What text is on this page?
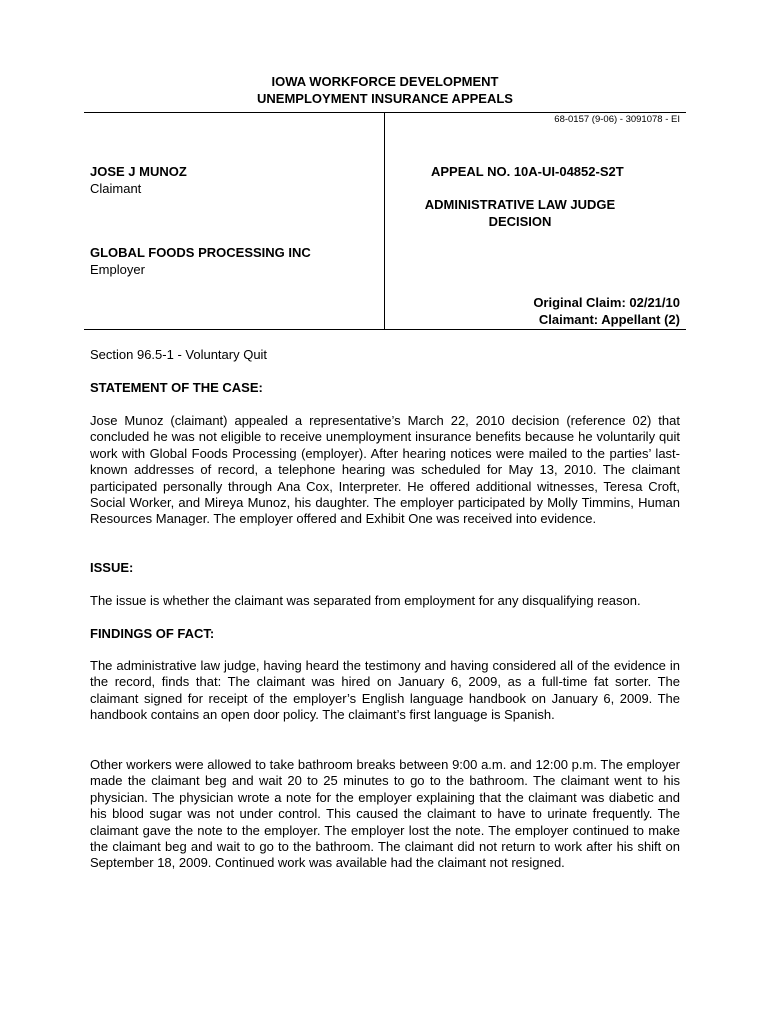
IOWA WORKFORCE DEVELOPMENT
UNEMPLOYMENT INSURANCE APPEALS
68-0157 (9-06) - 3091078 - EI
JOSE J MUNOZ
Claimant
GLOBAL FOODS PROCESSING INC
Employer
APPEAL NO. 10A-UI-04852-S2T
ADMINISTRATIVE LAW JUDGE
DECISION
Original Claim: 02/21/10
Claimant: Appellant (2)
Section 96.5-1 - Voluntary Quit
STATEMENT OF THE CASE:

Jose Munoz (claimant) appealed a representative’s March 22, 2010 decision (reference 02) that concluded he was not eligible to receive unemployment insurance benefits because he voluntarily quit work with Global Foods Processing (employer). After hearing notices were mailed to the parties’ last-known addresses of record, a telephone hearing was scheduled for May 13, 2010. The claimant participated personally through Ana Cox, Interpreter. He offered additional witnesses, Teresa Croft, Social Worker, and Mireya Munoz, his daughter. The employer participated by Molly Timmins, Human Resources Manager. The employer offered and Exhibit One was received into evidence.

ISSUE:

The issue is whether the claimant was separated from employment for any disqualifying reason.

FINDINGS OF FACT:

The administrative law judge, having heard the testimony and having considered all of the evidence in the record, finds that: The claimant was hired on January 6, 2009, as a full-time fat sorter. The claimant signed for receipt of the employer’s English language handbook on January 6, 2009. The handbook contains an open door policy. The claimant’s first language is Spanish.

Other workers were allowed to take bathroom breaks between 9:00 a.m. and 12:00 p.m. The employer made the claimant beg and wait 20 to 25 minutes to go to the bathroom. The claimant went to his physician. The physician wrote a note for the employer explaining that the claimant was diabetic and his blood sugar was not under control. This caused the claimant to have to urinate frequently. The claimant gave the note to the employer. The employer lost the note. The employer continued to make the claimant beg and wait to go to the bathroom. The claimant did not return to work after his shift on September 18, 2009. Continued work was available had the claimant not resigned.
